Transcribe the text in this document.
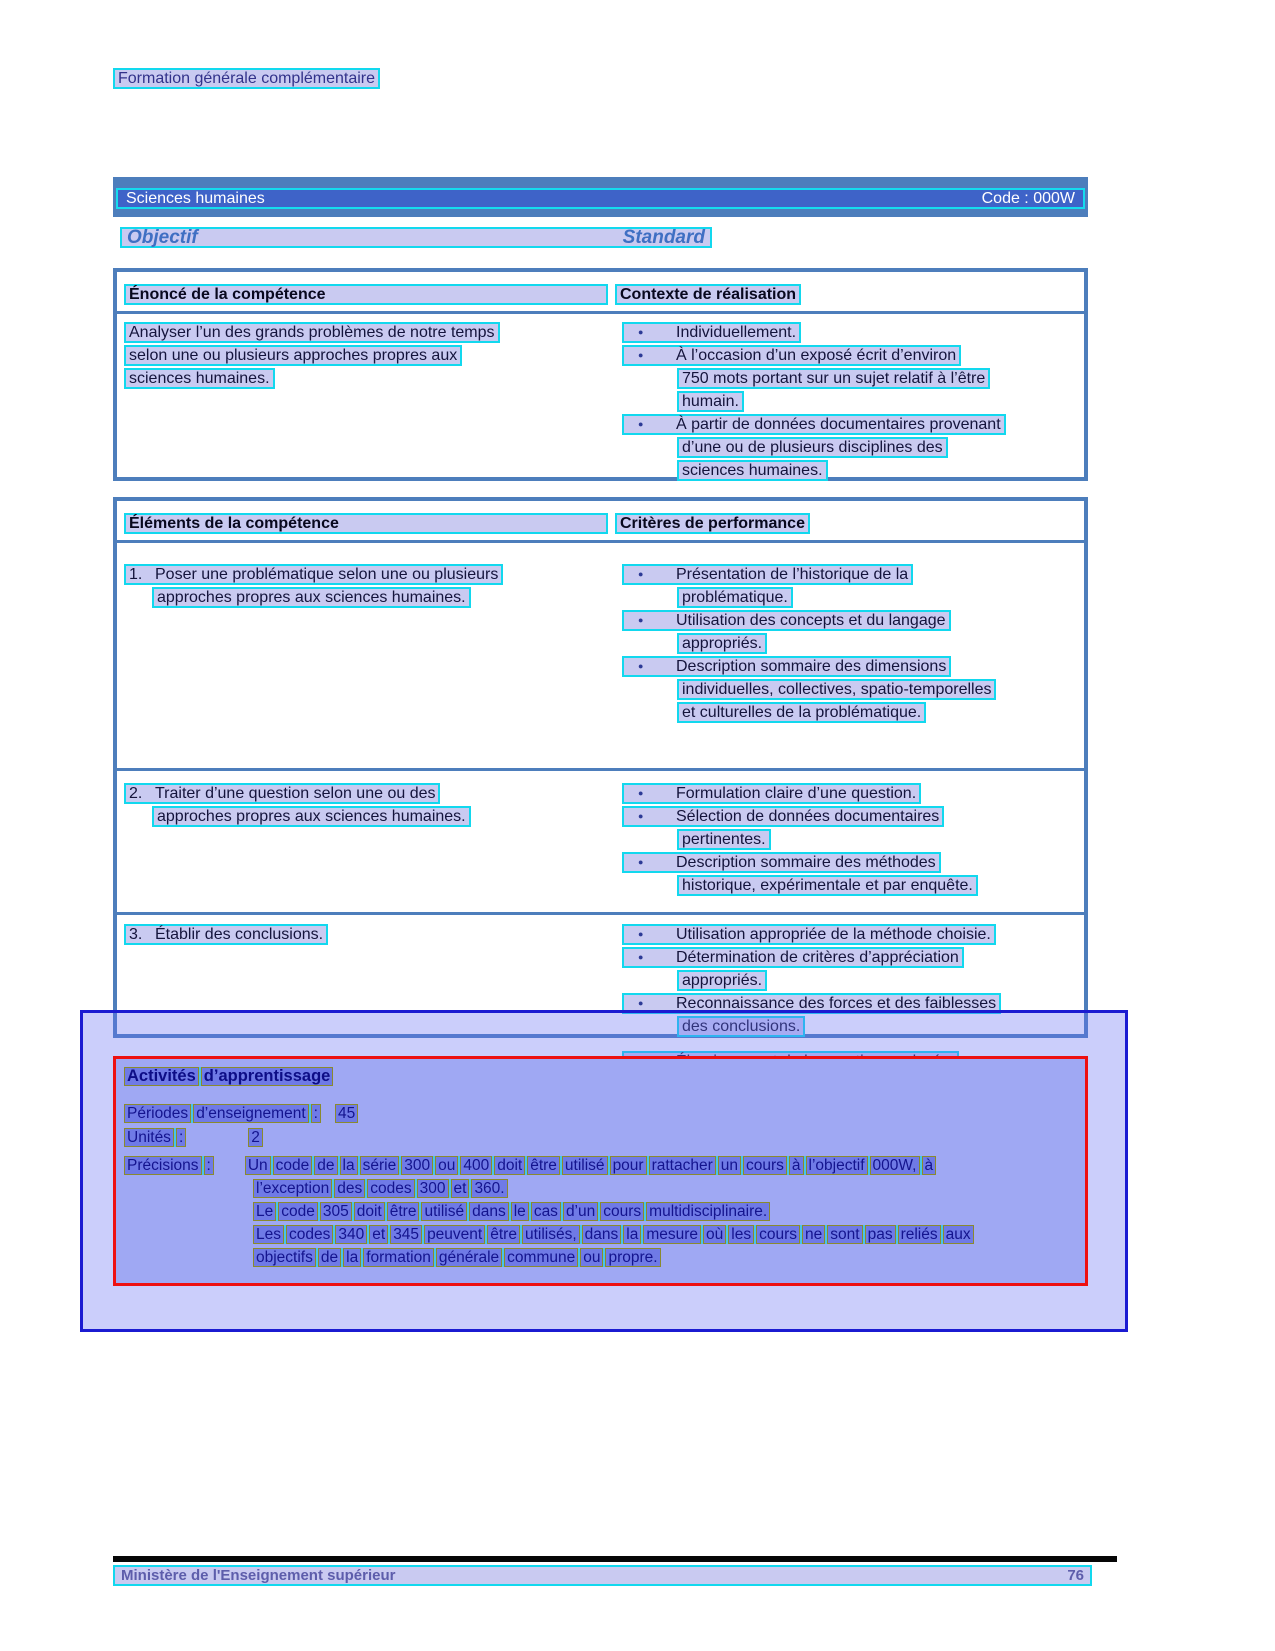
Formation générale complémentaire
Sciences humaines	Code : 000W
Objectif	Standard
Énoncé de la compétence	Contexte de réalisation
Analyser l’un des grands problèmes de notre temps
selon une ou plusieurs approches propres aux
sciences humaines.
●	Individuellement.
●	À l’occasion d’un exposé écrit d’environ
750 mots portant sur un sujet relatif à l’être
humain.
●	À partir de données documentaires provenant
d’une ou de plusieurs disciplines des
sciences humaines.
Éléments de la compétence	Critères de performance
1. Poser une problématique selon une ou plusieurs
approches propres aux sciences humaines.
●	Présentation de l’historique de la
problématique.
●	Utilisation des concepts et du langage
appropriés.
●	Description sommaire des dimensions
individuelles, collectives, spatio-temporelles
et culturelles de la problématique.
2. Traiter d’une question selon une ou des
approches propres aux sciences humaines.
●	Formulation claire d’une question.
●	Sélection de données documentaires
pertinentes.
●	Description sommaire des méthodes
historique, expérimentale et par enquête.
3. Établir des conclusions.	●	Utilisation appropriée de la méthode choisie.
●	Détermination de critères d’appréciation
appropriés.
●	Reconnaissance des forces et des faiblesses
des conclusions.
Activités d’apprentissage
Périodes d’enseignement : 45
Unités :	2
Précisions : Un code de la série 300 ou 400 doit être utilisé pour rattacher un cours à l’objectif 000W, à
l’exception des codes 300 et 360.
Le code 305 doit être utilisé dans le cas d’un cours multidisciplinaire.
Les codes 340 et 345 peuvent être utilisés, dans la mesure où les cours ne sont pas reliés aux
objectifs de la formation générale commune ou propre.
Ministère de l'Enseignement supérieur	76
